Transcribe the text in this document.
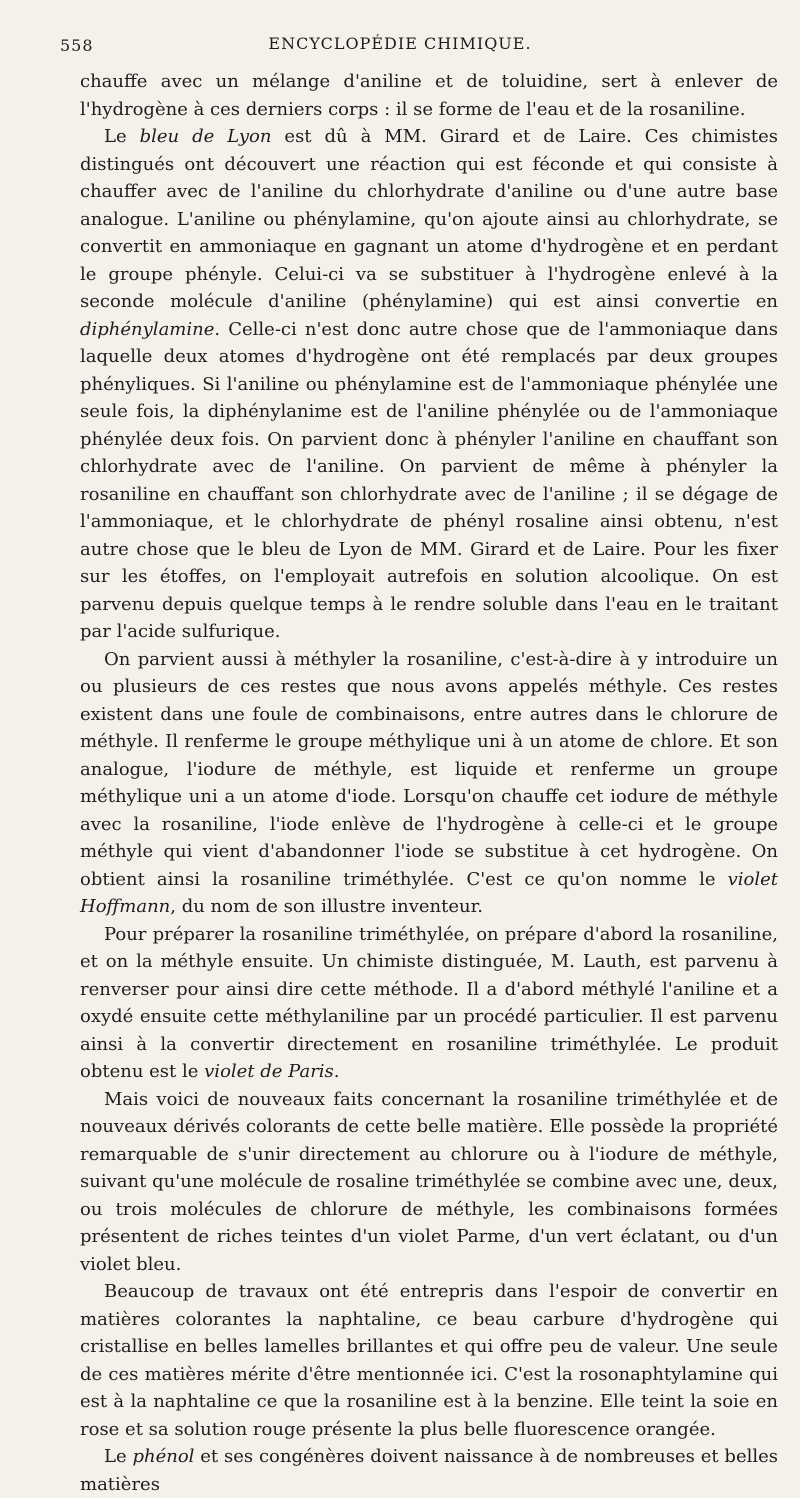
558	ENCYCLOPÉDIE CHIMIQUE.

chauffe avec un mélange d'aniline et de toluidine, sert à enlever de l'hydrogène à ces derniers corps : il se forme de l'eau et de la rosaniline.

Le bleu de Lyon est dû à MM. Girard et de Laire. Ces chimistes distingués ont découvert une réaction qui est féconde et qui consiste à chauffer avec de l'aniline du chlorhydrate d'aniline ou d'une autre base analogue. L'aniline ou phénylamine, qu'on ajoute ainsi au chlorhydrate, se convertit en ammoniaque en gagnant un atome d'hydrogène et en perdant le groupe phényle. Celui-ci va se substituer à l'hydrogène enlevé à la seconde molécule d'aniline (phénylamine) qui est ainsi convertie en diphénylamine. Celle-ci n'est donc autre chose que de l'ammoniaque dans laquelle deux atomes d'hydrogène ont été remplacés par deux groupes phényliques. Si l'aniline ou phénylamine est de l'ammoniaque phénylée une seule fois, la diphénylanime est de l'aniline phénylée ou de l'ammoniaque phénylée deux fois. On parvient donc à phényler l'aniline en chauffant son chlorhydrate avec de l'aniline. On parvient de même à phényler la rosaniline en chauffant son chlorhydrate avec de l'aniline ; il se dégage de l'ammoniaque, et le chlorhydrate de phényl rosaline ainsi obtenu, n'est autre chose que le bleu de Lyon de MM. Girard et de Laire. Pour les fixer sur les étoffes, on l'employait autrefois en solution alcoolique. On est parvenu depuis quelque temps à le rendre soluble dans l'eau en le traitant par l'acide sulfurique.

On parvient aussi à méthyler la rosaniline, c'est-à-dire à y introduire un ou plusieurs de ces restes que nous avons appelés méthyle. Ces restes existent dans une foule de combinaisons, entre autres dans le chlorure de méthyle. Il renferme le groupe méthylique uni à un atome de chlore. Et son analogue, l'iodure de méthyle, est liquide et renferme un groupe méthylique uni a un atome d'iode. Lorsqu'on chauffe cet iodure de méthyle avec la rosaniline, l'iode enlève de l'hydrogène à celle-ci et le groupe méthyle qui vient d'abandonner l'iode se substitue à cet hydrogène. On obtient ainsi la rosaniline triméthylée. C'est ce qu'on nomme le violet Hoffmann, du nom de son illustre inventeur.

Pour préparer la rosaniline triméthylée, on prépare d'abord la rosaniline, et on la méthyle ensuite. Un chimiste distinguée, M. Lauth, est parvenu à renverser pour ainsi dire cette méthode. Il a d'abord méthylé l'aniline et a oxydé ensuite cette méthylaniline par un procédé particulier. Il est parvenu ainsi à la convertir directement en rosaniline triméthylée. Le produit obtenu est le violet de Paris.

Mais voici de nouveaux faits concernant la rosaniline triméthylée et de nouveaux dérivés colorants de cette belle matière. Elle possède la propriété remarquable de s'unir directement au chlorure ou à l'iodure de méthyle, suivant qu'une molécule de rosaline triméthylée se combine avec une, deux, ou trois molécules de chlorure de méthyle, les combinaisons formées présentent de riches teintes d'un violet Parme, d'un vert éclatant, ou d'un violet bleu.

Beaucoup de travaux ont été entrepris dans l'espoir de convertir en matières colorantes la naphtaline, ce beau carbure d'hydrogène qui cristallise en belles lamelles brillantes et qui offre peu de valeur. Une seule de ces matières mérite d'être mentionnée ici. C'est la rosonaphtylamine qui est à la naphtaline ce que la rosaniline est à la benzine. Elle teint la soie en rose et sa solution rouge présente la plus belle fluorescence orangée.

Le phénol et ses congénères doivent naissance à de nombreuses et belles matières
